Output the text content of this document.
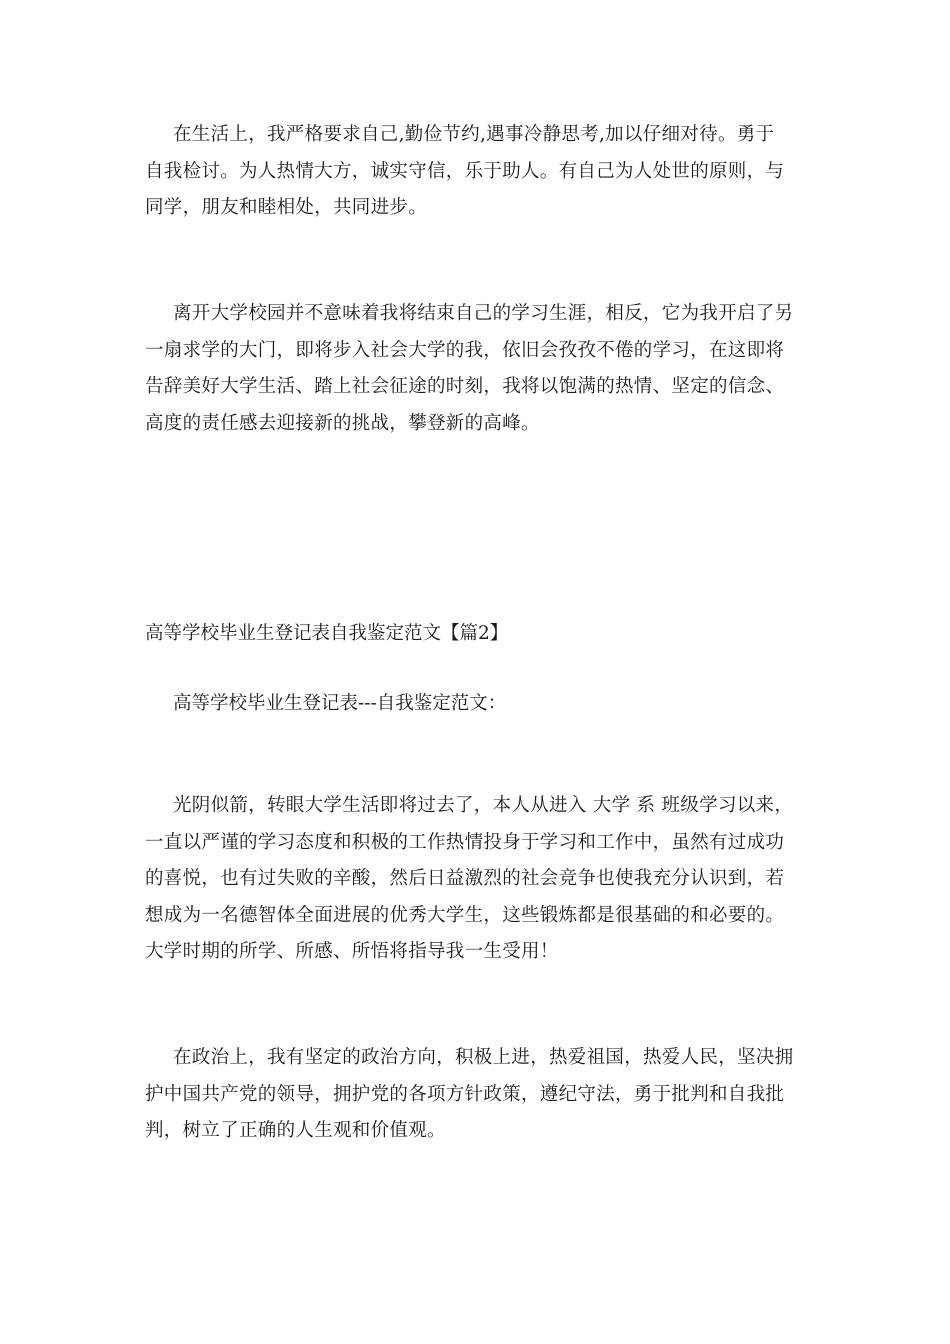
在生活上，我严格要求自己,勤俭节约,遇事冷静思考,加以仔细对待。勇于
自我检讨。为人热情大方，诚实守信，乐于助人。有自己为人处世的原则，与
同学，朋友和睦相处，共同进步。
离开大学校园并不意味着我将结束自己的学习生涯，相反，它为我开启了另
一扇求学的大门，即将步入社会大学的我，依旧会孜孜不倦的学习，在这即将
告辞美好大学生活、踏上社会征途的时刻，我将以饱满的热情、坚定的信念、
高度的责任感去迎接新的挑战，攀登新的高峰。
高等学校毕业生登记表自我鉴定范文【篇2】
高等学校毕业生登记表---自我鉴定范文：
光阴似箭，转眼大学生活即将过去了，本人从进入 大学 系 班级学习以来，
一直以严谨的学习态度和积极的工作热情投身于学习和工作中，虽然有过成功
的喜悦，也有过失败的辛酸，然后日益激烈的社会竞争也使我充分认识到，若
想成为一名德智体全面进展的优秀大学生，这些锻炼都是很基础的和必要的。
大学时期的所学、所感、所悟将指导我一生受用！
在政治上，我有坚定的政治方向，积极上进，热爱祖国，热爱人民，坚决拥
护中国共产党的领导，拥护党的各项方针政策，遵纪守法，勇于批判和自我批
判，树立了正确的人生观和价值观。
